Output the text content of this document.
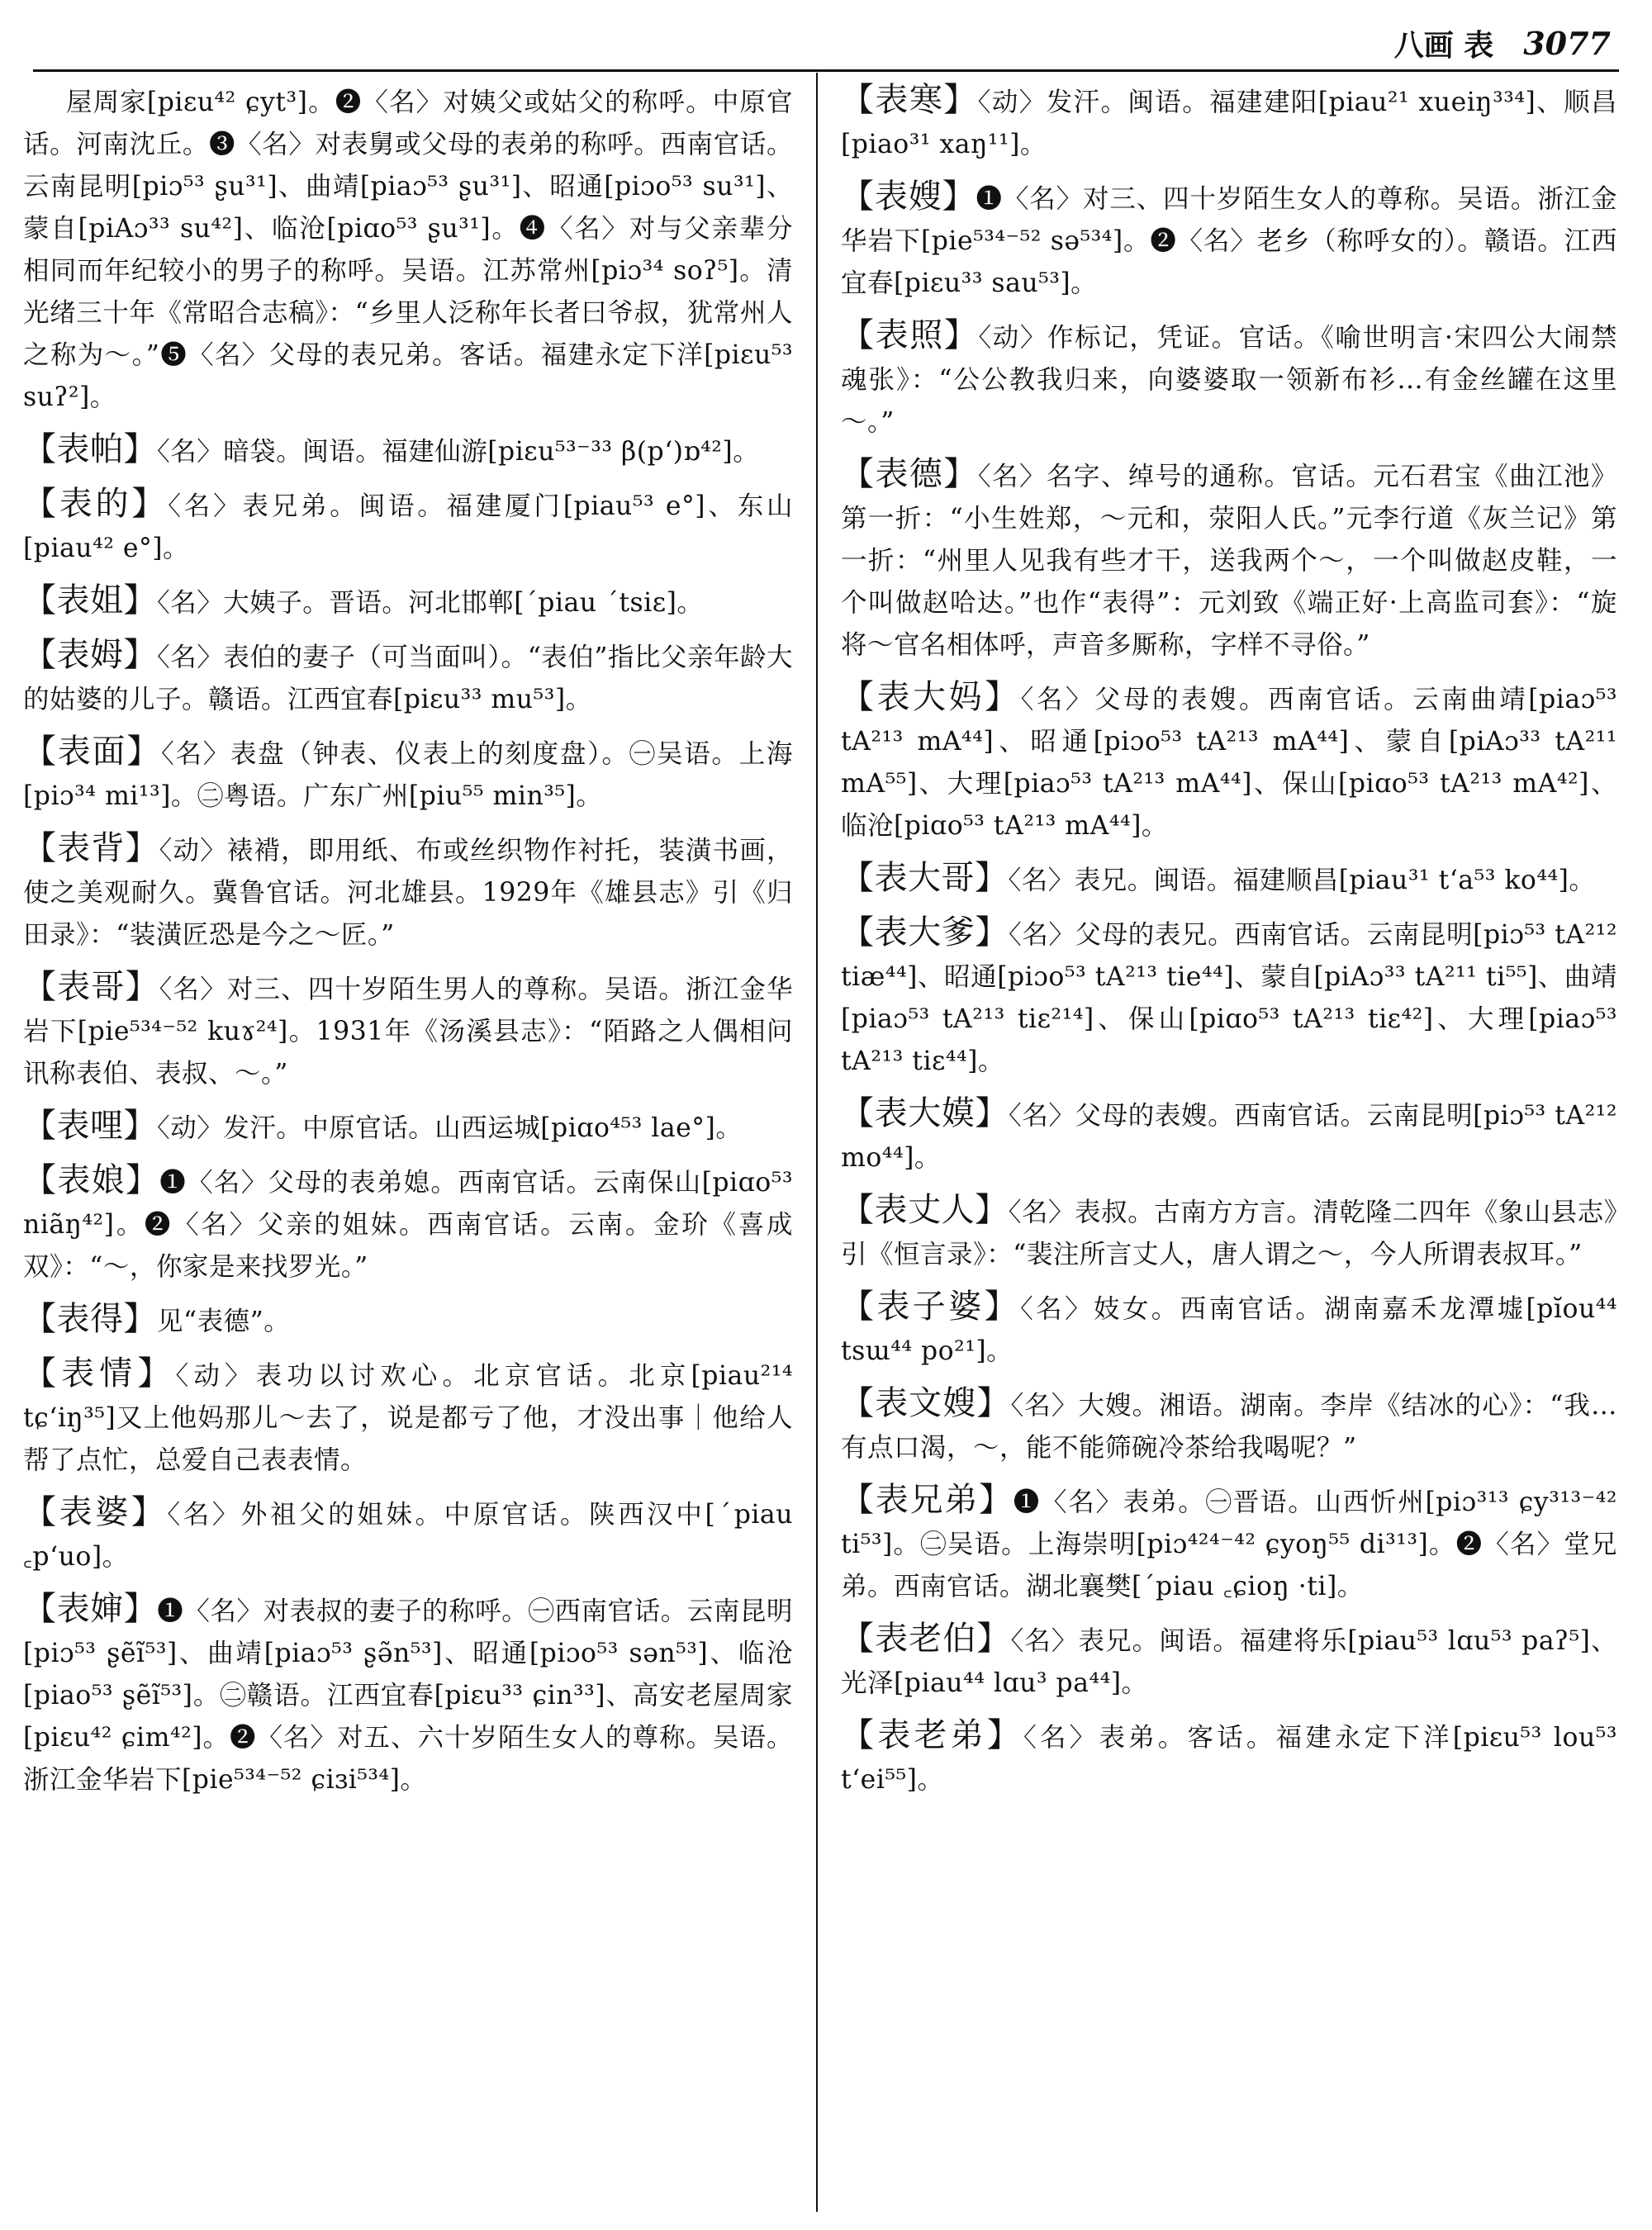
八画 表 3077
屋周家[piɛu⁴² ɕyt³]。❷〈名〉对姨父或姑父的称呼。中原官话。河南沈丘。❸〈名〉对表舅或父母的表弟的称呼。西南官话。云南昆明[piɔ⁵³ ʂu³¹]、曲靖[piaɔ⁵³ ʂu³¹]、昭通[piɔo⁵³ su³¹]、蒙自[piAɔ³³ su⁴²]、临沧[piɑo⁵³ ʂu³¹]。❹〈名〉对与父亲辈分相同而年纪较小的男子的称呼。吴语。江苏常州[piɔ³⁴ soʔ⁵]。清光绪三十年《常昭合志稿》：“乡里人泛称年长者曰爷叔，犹常州人之称为～。”❺〈名〉父母的表兄弟。客话。福建永定下洋[piɛu⁵³ suʔ²]。
【表帕】〈名〉暗袋。闽语。福建仙游[piɛu⁵³⁻³³ β(p‘)ɒ⁴²]。
【表的】〈名〉表兄弟。闽语。福建厦门[piau⁵³ e°]、东山[piau⁴² e°]。
【表姐】〈名〉大姨子。晋语。河北邯郸[ˊpiau ˊtsiɛ]。
【表姆】〈名〉表伯的妻子（可当面叫）。“表伯”指比父亲年龄大的姑婆的儿子。赣语。江西宜春[piɛu³³ mu⁵³]。
【表面】〈名〉表盘（钟表、仪表上的刻度盘）。㊀吴语。上海[piɔ³⁴ mi¹³]。㊁粤语。广东广州[piu⁵⁵ min³⁵]。
【表背】〈动〉裱褙，即用纸、布或丝织物作衬托，装潢书画，使之美观耐久。冀鲁官话。河北雄县。1929年《雄县志》引《归田录》：“装潢匠恐是今之～匠。”
【表哥】〈名〉对三、四十岁陌生男人的尊称。吴语。浙江金华岩下[pie⁵³⁴⁻⁵² kuɤ²⁴]。1931年《汤溪县志》：“陌路之人偶相问讯称表伯、表叔、～。”
【表哩】〈动〉发汗。中原官话。山西运城[piɑo⁴⁵³ lae°]。
【表娘】❶〈名〉父母的表弟媳。西南官话。云南保山[piɑo⁵³ niãŋ⁴²]。❷〈名〉父亲的姐妹。西南官话。云南。金玠《喜成双》：“～，你家是来找罗光。”
【表得】见“表德”。
【表情】〈动〉表功以讨欢心。北京官话。北京[piau²¹⁴ tɕ‘iŋ³⁵]又上他妈那儿～去了，说是都亏了他，才没出事｜他给人帮了点忙，总爱自己表表情。
【表婆】〈名〉外祖父的姐妹。中原官话。陕西汉中[ˊpiau ꜀p‘uo]。
【表婶】❶〈名〉对表叔的妻子的称呼。㊀西南官话。云南昆明[piɔ⁵³ ʂẽĩ⁵³]、曲靖[piaɔ⁵³ ʂə̃n⁵³]、昭通[piɔo⁵³ sən⁵³]、临沧[piao⁵³ ʂẽĩ⁵³]。㊁赣语。江西宜春[piɛu³³ ɕin³³]、高安老屋周家[piɛu⁴² ɕim⁴²]。❷〈名〉对五、六十岁陌生女人的尊称。吴语。浙江金华岩下[pie⁵³⁴⁻⁵² ɕiɜi⁵³⁴]。
【表寒】〈动〉发汗。闽语。福建建阳[piau²¹ xueiŋ³³⁴]、顺昌[piao³¹ xaŋ¹¹]。
【表嫂】❶〈名〉对三、四十岁陌生女人的尊称。吴语。浙江金华岩下[pie⁵³⁴⁻⁵² sə⁵³⁴]。❷〈名〉老乡（称呼女的）。赣语。江西宜春[piɛu³³ sau⁵³]。
【表照】〈动〉作标记，凭证。官话。《喻世明言·宋四公大闹禁魂张》：“公公教我归来，向婆婆取一领新布衫…有金丝罐在这里～。”
【表德】〈名〉名字、绰号的通称。官话。元石君宝《曲江池》第一折：“小生姓郑，～元和，荥阳人氏。”元李行道《灰兰记》第一折：“州里人见我有些才干，送我两个～，一个叫做赵皮鞋，一个叫做赵哈达。”也作“表得”：元刘致《端正好·上高监司套》：“旋将～官名相体呼，声音多厮称，字样不寻俗。”
【表大妈】〈名〉父母的表嫂。西南官话。云南曲靖[piaɔ⁵³ tA²¹³ mA⁴⁴]、昭通[piɔo⁵³ tA²¹³ mA⁴⁴]、蒙自[piAɔ³³ tA²¹¹ mA⁵⁵]、大理[piaɔ⁵³ tA²¹³ mA⁴⁴]、保山[piɑo⁵³ tA²¹³ mA⁴²]、临沧[piɑo⁵³ tA²¹³ mA⁴⁴]。
【表大哥】〈名〉表兄。闽语。福建顺昌[piau³¹ t‘a⁵³ ko⁴⁴]。
【表大爹】〈名〉父母的表兄。西南官话。云南昆明[piɔ⁵³ tA²¹² tiæ⁴⁴]、昭通[piɔo⁵³ tA²¹³ tie⁴⁴]、蒙自[piAɔ³³ tA²¹¹ ti⁵⁵]、曲靖[piaɔ⁵³ tA²¹³ tiɛ²¹⁴]、保山[piɑo⁵³ tA²¹³ tiɛ⁴²]、大理[piaɔ⁵³ tA²¹³ tiɛ⁴⁴]。
【表大嫫】〈名〉父母的表嫂。西南官话。云南昆明[piɔ⁵³ tA²¹² mo⁴⁴]。
【表丈人】〈名〉表叔。古南方方言。清乾隆二四年《象山县志》引《恒言录》：“裴注所言丈人，唐人谓之～，今人所谓表叔耳。”
【表子婆】〈名〉妓女。西南官话。湖南嘉禾龙潭墟[pĭou⁴⁴ tsɯ⁴⁴ po²¹]。
【表文嫂】〈名〉大嫂。湘语。湖南。李岸《结冰的心》：“我…有点口渴，～，能不能筛碗冷茶给我喝呢？”
【表兄弟】❶〈名〉表弟。㊀晋语。山西忻州[piɔ³¹³ ɕy³¹³⁻⁴² ti⁵³]。㊁吴语。上海崇明[piɔ⁴²⁴⁻⁴² ɕyoŋ⁵⁵ di³¹³]。❷〈名〉堂兄弟。西南官话。湖北襄樊[ˊpiau ꜀ɕioŋ ·ti]。
【表老伯】〈名〉表兄。闽语。福建将乐[piau⁵³ lɑu⁵³ paʔ⁵]、光泽[piau⁴⁴ lɑu³ pa⁴⁴]。
【表老弟】〈名〉表弟。客话。福建永定下洋[piɛu⁵³ lou⁵³ t‘ei⁵⁵]。
